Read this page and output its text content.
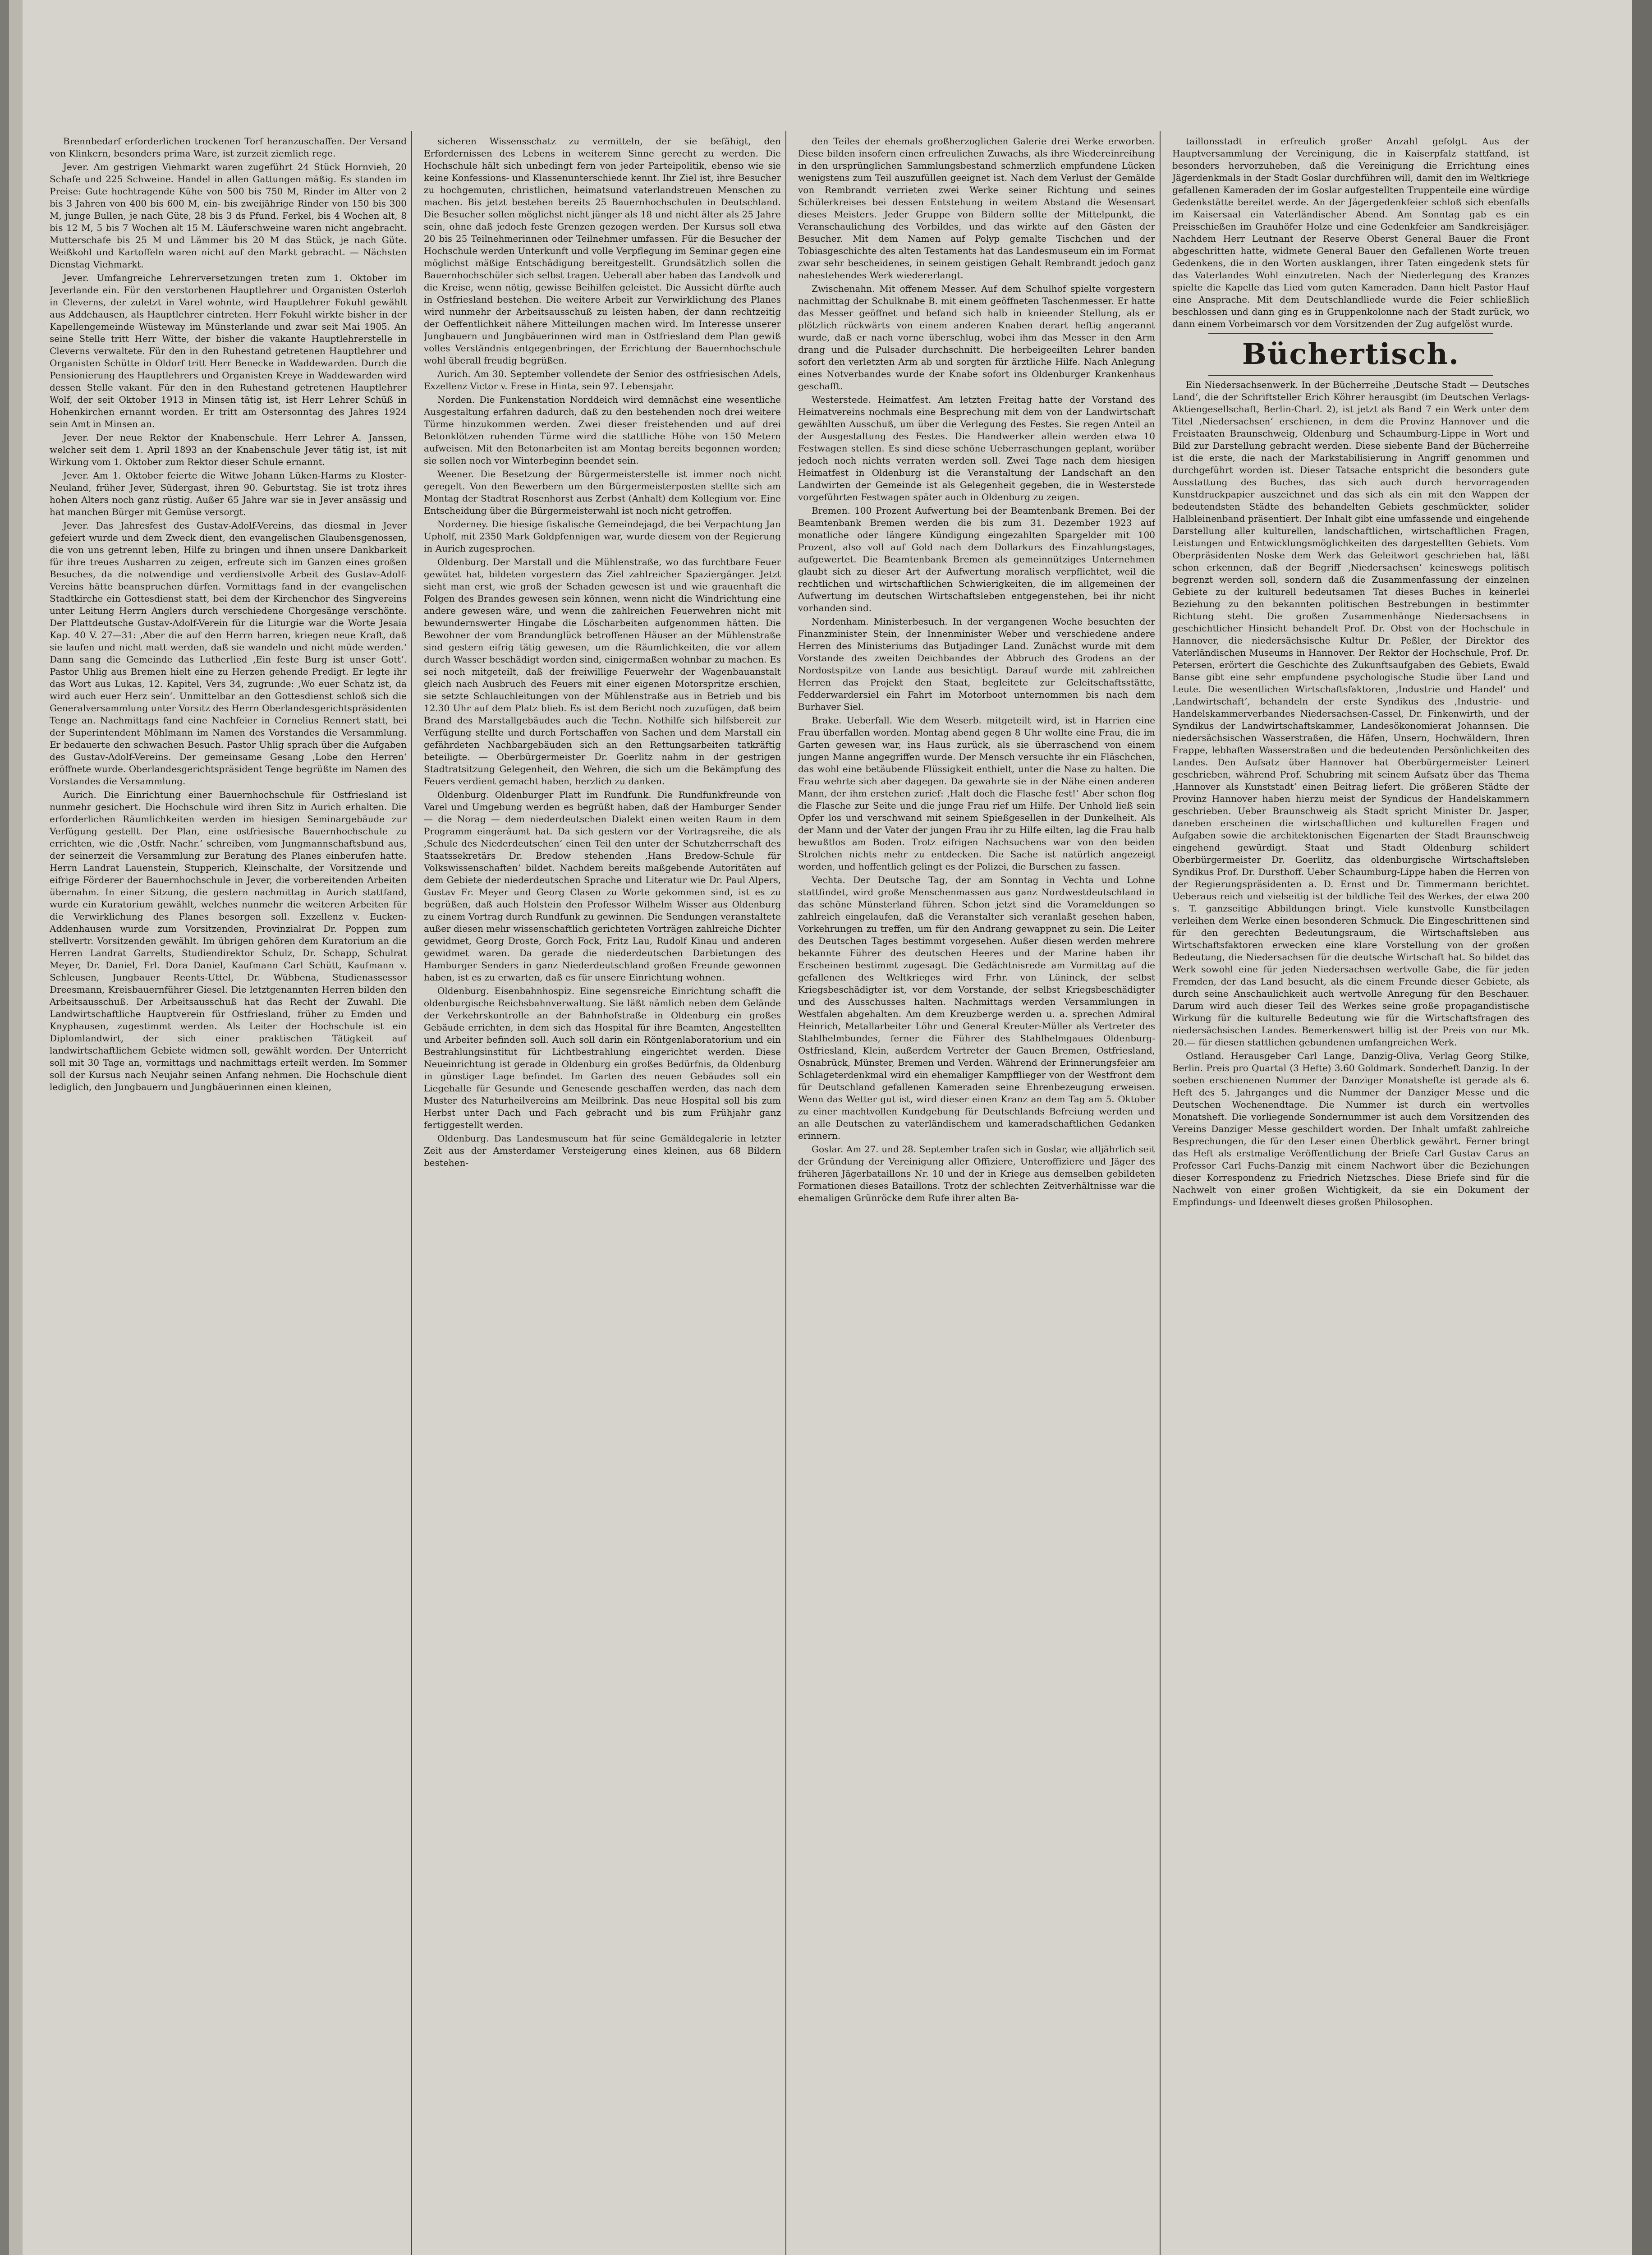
Brennbedarf erforderlichen trockenen Torf heranzuschaffen. Der Versand von Klinkern, besonders prima Ware, ist zurzeit ziemlich rege.

Jever. Am gestrigen Viehmarkt waren zugeführt 24 Stück Hornvieh, 20 Schafe und 225 Schweine. Handel in allen Gattungen mäßig. Es standen im Preise: Gute hochtragende Kühe von 500 bis 750 M, Rinder im Alter von 2 bis 3 Jahren von 400 bis 600 M, ein- bis zweijährige Rinder von 150 bis 300 M, junge Bullen, je nach Güte, 28 bis 3 ds Pfund. Ferkel, bis 4 Wochen alt, 8 bis 12 M, 5 bis 7 Wochen alt 15 M. Läuferschweine waren nicht angebracht. Mutterschafe bis 25 M und Lämmer bis 20 M das Stück, je nach Güte. Weißkohl und Kartoffeln waren nicht auf den Markt gebracht. — Nächsten Dienstag Viehmarkt.

Jever. Umfangreiche Lehrerversetzungen treten zum 1. Oktober im Jeverlande ein. Für den verstorbenen Hauptlehrer und Organisten Osterloh in Cleverns, der zuletzt in Varel wohnte, wird Hauptlehrer Fokuhl gewählt aus Addehausen, als Hauptlehrer eintreten. Herr Fokuhl wirkte bisher in der Kapellengemeinde Wüsteway im Münsterlande und zwar seit Mai 1905. An seine Stelle tritt Herr Witte, der bisher die vakante Hauptlehrerstelle in Cleverns verwaltete. Für den in den Ruhestand getretenen Hauptlehrer und Organisten Schütte in Oldorf tritt Herr Benecke in Waddewarden. Durch die Pensionierung des Hauptlehrers und Organisten Kreye in Waddewarden wird dessen Stelle vakant. Für den in den Ruhestand getretenen Hauptlehrer Wolf, der seit Oktober 1913 in Minsen tätig ist, ist Herr Lehrer Schüß in Hohenkirchen ernannt worden. Er tritt am Ostersonntag des Jahres 1924 sein Amt in Minsen an.

Jever. Der neue Rektor der Knabenschule. Herr Lehrer A. Janssen, welcher seit dem 1. April 1893 an der Knabenschule Jever tätig ist, ist mit Wirkung vom 1. Oktober zum Rektor dieser Schule ernannt.

Jever. Am 1. Oktober feierte die Witwe Johann Lüken-Harms zu Kloster-Neuland, früher Jever, Südergast, ihren 90. Geburtstag. Sie ist trotz ihres hohen Alters noch ganz rüstig. Außer 65 Jahre war sie in Jever ansässig und hat manchen Bürger mit Gemüse versorgt.

Jever. Das Jahresfest des Gustav-Adolf-Vereins, das diesmal in Jever gefeiert wurde und dem Zweck dient, den evangelischen Glaubensgenossen, die von uns getrennt leben, Hilfe zu bringen und ihnen unsere Dankbarkeit für ihre treues Ausharren zu zeigen, erfreute sich im Ganzen eines großen Besuches, da die notwendige und verdienstvolle Arbeit des Gustav-Adolf-Vereins hätte beanspruchen dürfen. Vormittags fand in der evangelischen Stadtkirche ein Gottesdienst statt, bei dem der Kirchenchor des Singvereins unter Leitung Herrn Anglers durch verschiedene Chorgesänge verschönte. Der Plattdeutsche Gustav-Adolf-Verein für die Liturgie war die Worte Jesaia Kap. 40 V. 27—31: ‚Aber die auf den Herrn harren, kriegen neue Kraft, daß sie laufen und nicht matt werden, daß sie wandeln und nicht müde werden.‘ Dann sang die Gemeinde das Lutherlied ‚Ein feste Burg ist unser Gott‘. Pastor Uhlig aus Bremen hielt eine zu Herzen gehende Predigt. Er legte ihr das Wort aus Lukas, 12. Kapitel, Vers 34, zugrunde: ‚Wo euer Schatz ist, da wird auch euer Herz sein‘. Unmittelbar an den Gottesdienst schloß sich die Generalversammlung unter Vorsitz des Herrn Oberlandesgerichtspräsidenten Tenge an. Nachmittags fand eine Nachfeier in Cornelius Rennert statt, bei der Superintendent Möhlmann im Namen des Vorstandes die Versammlung. Er bedauerte den schwachen Besuch. Pastor Uhlig sprach über die Aufgaben des Gustav-Adolf-Vereins. Der gemeinsame Gesang ‚Lobe den Herren‘ eröffnete wurde. Oberlandesgerichtspräsident Tenge begrüßte im Namen des Vorstandes die Versammlung.

Aurich. Die Einrichtung einer Bauernhochschule für Ostfriesland ist nunmehr gesichert. Die Hochschule wird ihren Sitz in Aurich erhalten. Die erforderlichen Räumlichkeiten werden im hiesigen Seminargebäude zur Verfügung gestellt. Der Plan, eine ostfriesische Bauernhochschule zu errichten, wie die ‚Ostfr. Nachr.‘ schreiben, vom Jungmannschaftsbund aus, der seinerzeit die Versammlung zur Beratung des Planes einberufen hatte. Herrn Landrat Lauenstein, Stupperich, Kleinschalte, der Vorsitzende und eifrige Förderer der Bauernhochschule in Jever, die vorbereitenden Arbeiten übernahm. In einer Sitzung, die gestern nachmittag in Aurich stattfand, wurde ein Kuratorium gewählt, welches nunmehr die weiteren Arbeiten für die Verwirklichung des Planes besorgen soll. Exzellenz v. Eucken-Addenhausen wurde zum Vorsitzenden, Provinzialrat Dr. Poppen zum stellvertr. Vorsitzenden gewählt. Im übrigen gehören dem Kuratorium an die Herren Landrat Garrelts, Studiendirektor Schulz, Dr. Schapp, Schulrat Meyer, Dr. Daniel, Frl. Dora Daniel, Kaufmann Carl Schütt, Kaufmann v. Schleusen, Jungbauer Reents-Uttel, Dr. Wübbena, Studienassessor Dreesmann, Kreisbauernführer Giesel. Die letztgenannten Herren bilden den Arbeitsausschuß. Der Arbeitsausschuß hat das Recht der Zuwahl. Die Landwirtschaftliche Hauptverein für Ostfriesland, früher zu Emden und Knyphausen, zugestimmt werden. Als Leiter der Hochschule ist ein Diplomlandwirt, der sich einer praktischen Tätigkeit auf landwirtschaftlichem Gebiete widmen soll, gewählt worden. Der Unterricht soll mit 30 Tage an, vormittags und nachmittags erteilt werden. Im Sommer soll der Kursus nach Neujahr seinen Anfang nehmen. Die Hochschule dient lediglich, den Jungbauern und Jungbäuerinnen einen kleinen,

sicheren Wissensschatz zu vermitteln, der sie befähigt, den Erfordernissen des Lebens in weiterem Sinne gerecht zu werden. Die Hochschule hält sich unbedingt fern von jeder Parteipolitik, ebenso wie sie keine Konfessions- und Klassenunterschiede kennt. Ihr Ziel ist, ihre Besucher zu hochgemuten, christlichen, heimatsund vaterlandstreuen Menschen zu machen. Bis jetzt bestehen bereits 25 Bauernhochschulen in Deutschland. Die Besucher sollen möglichst nicht jünger als 18 und nicht älter als 25 Jahre sein, ohne daß jedoch feste Grenzen gezogen werden. Der Kursus soll etwa 20 bis 25 Teilnehmerinnen oder Teilnehmer umfassen. Für die Besucher der Hochschule werden Unterkunft und volle Verpflegung im Seminar gegen eine möglichst mäßige Entschädigung bereitgestellt. Grundsätzlich sollen die Bauernhochschüler sich selbst tragen. Ueberall aber haben das Landvolk und die Kreise, wenn nötig, gewisse Beihilfen geleistet. Die Aussicht dürfte auch in Ostfriesland bestehen. Die weitere Arbeit zur Verwirklichung des Planes wird nunmehr der Arbeitsausschuß zu leisten haben, der dann rechtzeitig der Oeffentlichkeit nähere Mitteilungen machen wird. Im Interesse unserer Jungbauern und Jungbäuerinnen wird man in Ostfriesland dem Plan gewiß volles Verständnis entgegenbringen, der Errichtung der Bauernhochschule wohl überall freudig begrüßen.

Aurich. Am 30. September vollendete der Senior des ostfriesischen Adels, Exzellenz Victor v. Frese in Hinta, sein 97. Lebensjahr.

Norden. Die Funkenstation Norddeich wird demnächst eine wesentliche Ausgestaltung erfahren dadurch, daß zu den bestehenden noch drei weitere Türme hinzukommen werden. Zwei dieser freistehenden und auf drei Betonklötzen ruhenden Türme wird die stattliche Höhe von 150 Metern aufweisen. Mit den Betonarbeiten ist am Montag bereits begonnen worden; sie sollen noch vor Winterbeginn beendet sein.

Weener. Die Besetzung der Bürgermeisterstelle ist immer noch nicht geregelt. Von den Bewerbern um den Bürgermeisterposten stellte sich am Montag der Stadtrat Rosenhorst aus Zerbst (Anhalt) dem Kollegium vor. Eine Entscheidung über die Bürgermeisterwahl ist noch nicht getroffen.

Norderney. Die hiesige fiskalische Gemeindejagd, die bei Verpachtung Jan Upholf, mit 2350 Mark Goldpfennigen war, wurde diesem von der Regierung in Aurich zugesprochen.

Oldenburg. Der Marstall und die Mühlenstraße, wo das furchtbare Feuer gewütet hat, bildeten vorgestern das Ziel zahlreicher Spaziergänger. Jetzt sieht man erst, wie groß der Schaden gewesen ist und wie grauenhaft die Folgen des Brandes gewesen sein können, wenn nicht die Windrichtung eine andere gewesen wäre, und wenn die zahlreichen Feuerwehren nicht mit bewundernswerter Hingabe die Löscharbeiten aufgenommen hätten. Die Bewohner der vom Brandunglück betroffenen Häuser an der Mühlenstraße sind gestern eifrig tätig gewesen, um die Räumlichkeiten, die vor allem durch Wasser beschädigt worden sind, einigermaßen wohnbar zu machen. Es sei noch mitgeteilt, daß der freiwillige Feuerwehr der Wagenbauanstalt gleich nach Ausbruch des Feuers mit einer eigenen Motorspritze erschien, sie setzte Schlauchleitungen von der Mühlenstraße aus in Betrieb und bis 12.30 Uhr auf dem Platz blieb. Es ist dem Bericht noch zuzufügen, daß beim Brand des Marstallgebäudes auch die Techn. Nothilfe sich hilfsbereit zur Verfügung stellte und durch Fortschaffen von Sachen und dem Marstall ein gefährdeten Nachbargebäuden sich an den Rettungsarbeiten tatkräftig beteiligte. — Oberbürgermeister Dr. Goerlitz nahm in der gestrigen Stadtratsitzung Gelegenheit, den Wehren, die sich um die Bekämpfung des Feuers verdient gemacht haben, herzlich zu danken.

Oldenburg. Oldenburger Platt im Rundfunk. Die Rundfunkfreunde von Varel und Umgebung werden es begrüßt haben, daß der Hamburger Sender — die Norag — dem niederdeutschen Dialekt einen weiten Raum in dem Programm eingeräumt hat. Da sich gestern vor der Vortragsreihe, die als ‚Schule des Niederdeutschen‘ einen Teil den unter der Schutzherrschaft des Staatssekretärs Dr. Bredow stehenden ‚Hans Bredow-Schule für Volkswissenschaften‘ bildet. Nachdem bereits maßgebende Autoritäten auf dem Gebiete der niederdeutschen Sprache und Literatur wie Dr. Paul Alpers, Gustav Fr. Meyer und Georg Clasen zu Worte gekommen sind, ist es zu begrüßen, daß auch Holstein den Professor Wilhelm Wisser aus Oldenburg zu einem Vortrag durch Rundfunk zu gewinnen. Die Sendungen veranstaltete außer diesen mehr wissenschaftlich gerichteten Vorträgen zahlreiche Dichter gewidmet, Georg Droste, Gorch Fock, Fritz Lau, Rudolf Kinau und anderen gewidmet waren. Da gerade die niederdeutschen Darbietungen des Hamburger Senders in ganz Niederdeutschland großen Freunde gewonnen haben, ist es zu erwarten, daß es für unsere Einrichtung wohnen.

Oldenburg. Eisenbahnhospiz. Eine segensreiche Einrichtung schafft die oldenburgische Reichsbahnverwaltung. Sie läßt nämlich neben dem Gelände der Verkehrskontrolle an der Bahnhofstraße in Oldenburg ein großes Gebäude errichten, in dem sich das Hospital für ihre Beamten, Angestellten und Arbeiter befinden soll. Auch soll darin ein Röntgenlaboratorium und ein Bestrahlungsinstitut für Lichtbestrahlung eingerichtet werden. Diese Neueinrichtung ist gerade in Oldenburg ein großes Bedürfnis, da Oldenburg in günstiger Lage befindet. Im Garten des neuen Gebäudes soll ein Liegehalle für Gesunde und Genesende geschaffen werden, das nach dem Muster des Naturheilvereins am Meilbrink. Das neue Hospital soll bis zum Herbst unter Dach und Fach gebracht und bis zum Frühjahr ganz fertiggestellt werden.

Oldenburg. Das Landesmuseum hat für seine Gemäldegalerie in letzter Zeit aus der Amsterdamer Versteigerung eines kleinen, aus 68 Bildern bestehen-

den Teiles der ehemals großherzoglichen Galerie drei Werke erworben. Diese bilden insofern einen erfreulichen Zuwachs, als ihre Wiedereinreihung in den ursprünglichen Sammlungsbestand schmerzlich empfundene Lücken wenigstens zum Teil auszufüllen geeignet ist. Nach dem Verlust der Gemälde von Rembrandt verrieten zwei Werke seiner Richtung und seines Schülerkreises bei dessen Entstehung in weitem Abstand die Wesensart dieses Meisters. Jeder Gruppe von Bildern sollte der Mittelpunkt, die Veranschaulichung des Vorbildes, und das wirkte auf den Gästen der Besucher. Mit dem Namen auf Polyp gemalte Tischchen und der Tobiasgeschichte des alten Testaments hat das Landesmuseum ein im Format zwar sehr bescheidenes, in seinem geistigen Gehalt Rembrandt jedoch ganz nahestehendes Werk wiedererlangt.

Zwischenahn. Mit offenem Messer. Auf dem Schulhof spielte vorgestern nachmittag der Schulknabe B. mit einem geöffneten Taschenmesser. Er hatte das Messer geöffnet und befand sich halb in knieender Stellung, als er plötzlich rückwärts von einem anderen Knaben derart heftig angerannt wurde, daß er nach vorne überschlug, wobei ihm das Messer in den Arm drang und die Pulsader durchschnitt. Die herbeigeeilten Lehrer banden sofort den verletzten Arm ab und sorgten für ärztliche Hilfe. Nach Anlegung eines Notverbandes wurde der Knabe sofort ins Oldenburger Krankenhaus geschafft.

Westerstede. Heimatfest. Am letzten Freitag hatte der Vorstand des Heimatvereins nochmals eine Besprechung mit dem von der Landwirtschaft gewählten Ausschuß, um über die Verlegung des Festes. Sie regen Anteil an der Ausgestaltung des Festes. Die Handwerker allein werden etwa 10 Festwagen stellen. Es sind diese schöne Ueberraschungen geplant, worüber jedoch noch nichts verraten werden soll. Zwei Tage nach dem hiesigen Heimatfest in Oldenburg ist die Veranstaltung der Landschaft an den Landwirten der Gemeinde ist als Gelegenheit gegeben, die in Westerstede vorgeführten Festwagen später auch in Oldenburg zu zeigen.

Bremen. 100 Prozent Aufwertung bei der Beamtenbank Bremen. Bei der Beamtenbank Bremen werden die bis zum 31. Dezember 1923 auf monatliche oder längere Kündigung eingezahlten Spargelder mit 100 Prozent, also voll auf Gold nach dem Dollarkurs des Einzahlungstages, aufgewertet. Die Beamtenbank Bremen als gemeinnütziges Unternehmen glaubt sich zu dieser Art der Aufwertung moralisch verpflichtet, weil die rechtlichen und wirtschaftlichen Schwierigkeiten, die im allgemeinen der Aufwertung im deutschen Wirtschaftsleben entgegenstehen, bei ihr nicht vorhanden sind.

Nordenham. Ministerbesuch. In der vergangenen Woche besuchten der Finanzminister Stein, der Innenminister Weber und verschiedene andere Herren des Ministeriums das Butjadinger Land. Zunächst wurde mit dem Vorstande des zweiten Deichbandes der Abbruch des Grodens an der Nordostspitze von Lande aus besichtigt. Darauf wurde mit zahlreichen Herren das Projekt den Staat, begleitete zur Geleitschaftsstätte, Fedderwardersiel ein Fahrt im Motorboot unternommen bis nach dem Burhaver Siel.

Brake. Ueberfall. Wie dem Weserb. mitgeteilt wird, ist in Harrien eine Frau überfallen worden. Montag abend gegen 8 Uhr wollte eine Frau, die im Garten gewesen war, ins Haus zurück, als sie überraschend von einem jungen Manne angegriffen wurde. Der Mensch versuchte ihr ein Fläschchen, das wohl eine betäubende Flüssigkeit enthielt, unter die Nase zu halten. Die Frau wehrte sich aber dagegen. Da gewahrte sie in der Nähe einen anderen Mann, der ihm erstehen zurief: ‚Halt doch die Flasche fest!‘ Aber schon flog die Flasche zur Seite und die junge Frau rief um Hilfe. Der Unhold ließ sein Opfer los und verschwand mit seinem Spießgesellen in der Dunkelheit. Als der Mann und der Vater der jungen Frau ihr zu Hilfe eilten, lag die Frau halb bewußtlos am Boden. Trotz eifrigen Nachsuchens war von den beiden Strolchen nichts mehr zu entdecken. Die Sache ist natürlich angezeigt worden, und hoffentlich gelingt es der Polizei, die Burschen zu fassen.

Vechta. Der Deutsche Tag, der am Sonntag in Vechta und Lohne stattfindet, wird große Menschenmassen aus ganz Nordwestdeutschland in das schöne Münsterland führen. Schon jetzt sind die Vorameldungen so zahlreich eingelaufen, daß die Veranstalter sich veranlaßt gesehen haben, Vorkehrungen zu treffen, um für den Andrang gewappnet zu sein. Die Leiter des Deutschen Tages bestimmt vorgesehen. Außer diesen werden mehrere bekannte Führer des deutschen Heeres und der Marine haben ihr Erscheinen bestimmt zugesagt. Die Gedächtnisrede am Vormittag auf die gefallenen des Weltkrieges wird Frhr. von Lüninck, der selbst Kriegsbeschädigter ist, vor dem Vorstande, der selbst Kriegsbeschädigter und des Ausschusses halten. Nachmittags werden Versammlungen in Westfalen abgehalten. Am dem Kreuzberge werden u. a. sprechen Admiral Heinrich, Metallarbeiter Löhr und General Kreuter-Müller als Vertreter des Stahlhelmbundes, ferner die Führer des Stahlhelmgaues Oldenburg-Ostfriesland, Klein, außerdem Vertreter der Gauen Bremen, Ostfriesland, Osnabrück, Münster, Bremen und Verden. Während der Erinnerungsfeier am Schlageterdenkmal wird ein ehemaliger Kampfflieger von der Westfront dem für Deutschland gefallenen Kameraden seine Ehrenbezeugung erweisen. Wenn das Wetter gut ist, wird dieser einen Kranz an dem Tag am 5. Oktober zu einer machtvollen Kundgebung für Deutschlands Befreiung werden und an alle Deutschen zu vaterländischem und kameradschaftlichen Gedanken erinnern.

Goslar. Am 27. und 28. September trafen sich in Goslar, wie alljährlich seit der Gründung der Vereinigung aller Offiziere, Unteroffiziere und Jäger des früheren Jägerbataillons Nr. 10 und der in Kriege aus demselben gebildeten Formationen dieses Bataillons. Trotz der schlechten Zeitverhältnisse war die ehemaligen Grünröcke dem Rufe ihrer alten Ba-

taillonsstadt in erfreulich großer Anzahl gefolgt. Aus der Hauptversammlung der Vereinigung, die in Kaiserpfalz stattfand, ist besonders hervorzuheben, daß die Vereinigung die Errichtung eines Jägerdenkmals in der Stadt Goslar durchführen will, damit den im Weltkriege gefallenen Kameraden der im Goslar aufgestellten Truppenteile eine würdige Gedenkstätte bereitet werde. An der Jägergedenkfeier schloß sich ebenfalls im Kaisersaal ein Vaterländischer Abend. Am Sonntag gab es ein Preisschießen im Grauhöfer Holze und eine Gedenkfeier am Sandkreisjäger. Nachdem Herr Leutnant der Reserve Oberst General Bauer die Front abgeschritten hatte, widmete General Bauer den Gefallenen Worte treuen Gedenkens, die in den Worten ausklangen, ihrer Taten eingedenk stets für das Vaterlandes Wohl einzutreten. Nach der Niederlegung des Kranzes spielte die Kapelle das Lied vom guten Kameraden. Dann hielt Pastor Hauf eine Ansprache. Mit dem Deutschlandliede wurde die Feier schließlich beschlossen und dann ging es in Gruppenkolonne nach der Stadt zurück, wo dann einem Vorbeimarsch vor dem Vorsitzenden der Zug aufgelöst wurde.

Büchertisch.

Ein Niedersachsenwerk. In der Bücherreihe ‚Deutsche Stadt — Deutsches Land‘, die der Schriftsteller Erich Köhrer herausgibt (im Deutschen Verlags-Aktiengesellschaft, Berlin-Charl. 2), ist jetzt als Band 7 ein Werk unter dem Titel ‚Niedersachsen‘ erschienen, in dem die Provinz Hannover und die Freistaaten Braunschweig, Oldenburg und Schaumburg-Lippe in Wort und Bild zur Darstellung gebracht werden. Diese siebente Band der Bücherreihe ist die erste, die nach der Markstabilisierung in Angriff genommen und durchgeführt worden ist. Dieser Tatsache entspricht die besonders gute Ausstattung des Buches, das sich auch durch hervorragenden Kunstdruckpapier auszeichnet und das sich als ein mit den Wappen der bedeutendsten Städte des behandelten Gebiets geschmückter, solider Halbleinenband präsentiert. Der Inhalt gibt eine umfassende und eingehende Darstellung aller kulturellen, landschaftlichen, wirtschaftlichen Fragen, Leistungen und Entwicklungsmöglichkeiten des dargestellten Gebiets. Vom Oberpräsidenten Noske dem Werk das Geleitwort geschrieben hat, läßt schon erkennen, daß der Begriff ‚Niedersachsen‘ keineswegs politisch begrenzt werden soll, sondern daß die Zusammenfassung der einzelnen Gebiete zu der kulturell bedeutsamen Tat dieses Buches in keinerlei Beziehung zu den bekannten politischen Bestrebungen in bestimmter Richtung steht. Die großen Zusammenhänge Niedersachsens in geschichtlicher Hinsicht behandelt Prof. Dr. Obst von der Hochschule in Hannover, die niedersächsische Kultur Dr. Peßler, der Direktor des Vaterländischen Museums in Hannover. Der Rektor der Hochschule, Prof. Dr. Petersen, erörtert die Geschichte des Zukunftsaufgaben des Gebiets, Ewald Banse gibt eine sehr empfundene psychologische Studie über Land und Leute. Die wesentlichen Wirtschaftsfaktoren, ‚Industrie und Handel‘ und ‚Landwirtschaft‘, behandeln der erste Syndikus des ‚Industrie- und Handelskammerverbandes Niedersachsen-Cassel, Dr. Finkenwirth, und der Syndikus der Landwirtschaftskammer, Landesökonomierat Johannsen. Die niedersächsischen Wasserstraßen, die Häfen, Unsern, Hochwäldern, Ihren Frappe, lebhaften Wasserstraßen und die bedeutenden Persönlichkeiten des Landes. Den Aufsatz über Hannover hat Oberbürgermeister Leinert geschrieben, während Prof. Schubring mit seinem Aufsatz über das Thema ‚Hannover als Kunststadt‘ einen Beitrag liefert. Die größeren Städte der Provinz Hannover haben hierzu meist der Syndicus der Handelskammern geschrieben. Ueber Braunschweig als Stadt spricht Minister Dr. Jasper, daneben erscheinen die wirtschaftlichen und kulturellen Fragen und Aufgaben sowie die architektonischen Eigenarten der Stadt Braunschweig eingehend gewürdigt. Staat und Stadt Oldenburg schildert Oberbürgermeister Dr. Goerlitz, das oldenburgische Wirtschaftsleben Syndikus Prof. Dr. Dursthoff. Ueber Schaumburg-Lippe haben die Herren von der Regierungspräsidenten a. D. Ernst und Dr. Timmermann berichtet. Ueberaus reich und vielseitig ist der bildliche Teil des Werkes, der etwa 200 s. T. ganzseitige Abbildungen bringt. Viele kunstvolle Kunstbeilagen verleihen dem Werke einen besonderen Schmuck. Die Eingeschrittenen sind für den gerechten Bedeutungsraum, die Wirtschaftsleben aus Wirtschaftsfaktoren erwecken eine klare Vorstellung von der großen Bedeutung, die Niedersachsen für die deutsche Wirtschaft hat. So bildet das Werk sowohl eine für jeden Niedersachsen wertvolle Gabe, die für jeden Fremden, der das Land besucht, als die einem Freunde dieser Gebiete, als durch seine Anschaulichkeit auch wertvolle Anregung für den Beschauer. Darum wird auch dieser Teil des Werkes seine große propagandistische Wirkung für die kulturelle Bedeutung wie für die Wirtschaftsfragen des niedersächsischen Landes. Bemerkenswert billig ist der Preis von nur Mk. 20.— für diesen stattlichen gebundenen umfangreichen Werk.

Ostland. Herausgeber Carl Lange, Danzig-Oliva, Verlag Georg Stilke, Berlin. Preis pro Quartal (3 Hefte) 3.60 Goldmark. Sonderheft Danzig. In der soeben erschienenen Nummer der Danziger Monatshefte ist gerade als 6. Heft des 5. Jahrganges und die Nummer der Danziger Messe und die Deutschen Wochenendtage. Die Nummer ist durch ein wertvolles Monatsheft. Die vorliegende Sondernummer ist auch dem Vorsitzenden des Vereins Danziger Messe geschildert worden. Der Inhalt umfaßt zahlreiche Besprechungen, die für den Leser einen Überblick gewährt. Ferner bringt das Heft als erstmalige Veröffentlichung der Briefe Carl Gustav Carus an Professor Carl Fuchs-Danzig mit einem Nachwort über die Beziehungen dieser Korrespondenz zu Friedrich Nietzsches. Diese Briefe sind für die Nachwelt von einer großen Wichtigkeit, da sie ein Dokument der Empfindungs- und Ideenwelt dieses großen Philosophen.
